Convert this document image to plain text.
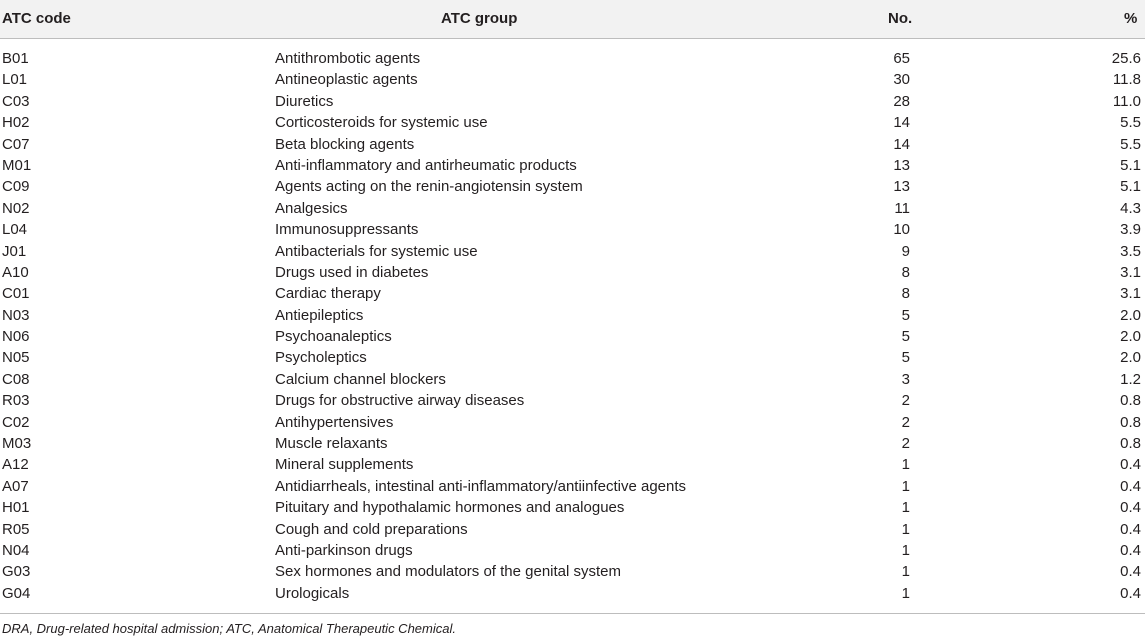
ATC code	ATC group	No.	%
B01	Antithrombotic agents	65	25.6
L01	Antineoplastic agents	30	11.8
C03	Diuretics	28	11.0
H02	Corticosteroids for systemic use	14	5.5
C07	Beta blocking agents	14	5.5
M01	Anti-inflammatory and antirheumatic products	13	5.1
C09	Agents acting on the renin-angiotensin system	13	5.1
N02	Analgesics	11	4.3
L04	Immunosuppressants	10	3.9
J01	Antibacterials for systemic use	9	3.5
A10	Drugs used in diabetes	8	3.1
C01	Cardiac therapy	8	3.1
N03	Antiepileptics	5	2.0
N06	Psychoanaleptics	5	2.0
N05	Psycholeptics	5	2.0
C08	Calcium channel blockers	3	1.2
R03	Drugs for obstructive airway diseases	2	0.8
C02	Antihypertensives	2	0.8
M03	Muscle relaxants	2	0.8
A12	Mineral supplements	1	0.4
A07	Antidiarrheals, intestinal anti-inflammatory/antiinfective agents	1	0.4
H01	Pituitary and hypothalamic hormones and analogues	1	0.4
R05	Cough and cold preparations	1	0.4
N04	Anti-parkinson drugs	1	0.4
G03	Sex hormones and modulators of the genital system	1	0.4
G04	Urologicals	1	0.4
DRA, Drug-related hospital admission; ATC, Anatomical Therapeutic Chemical.
